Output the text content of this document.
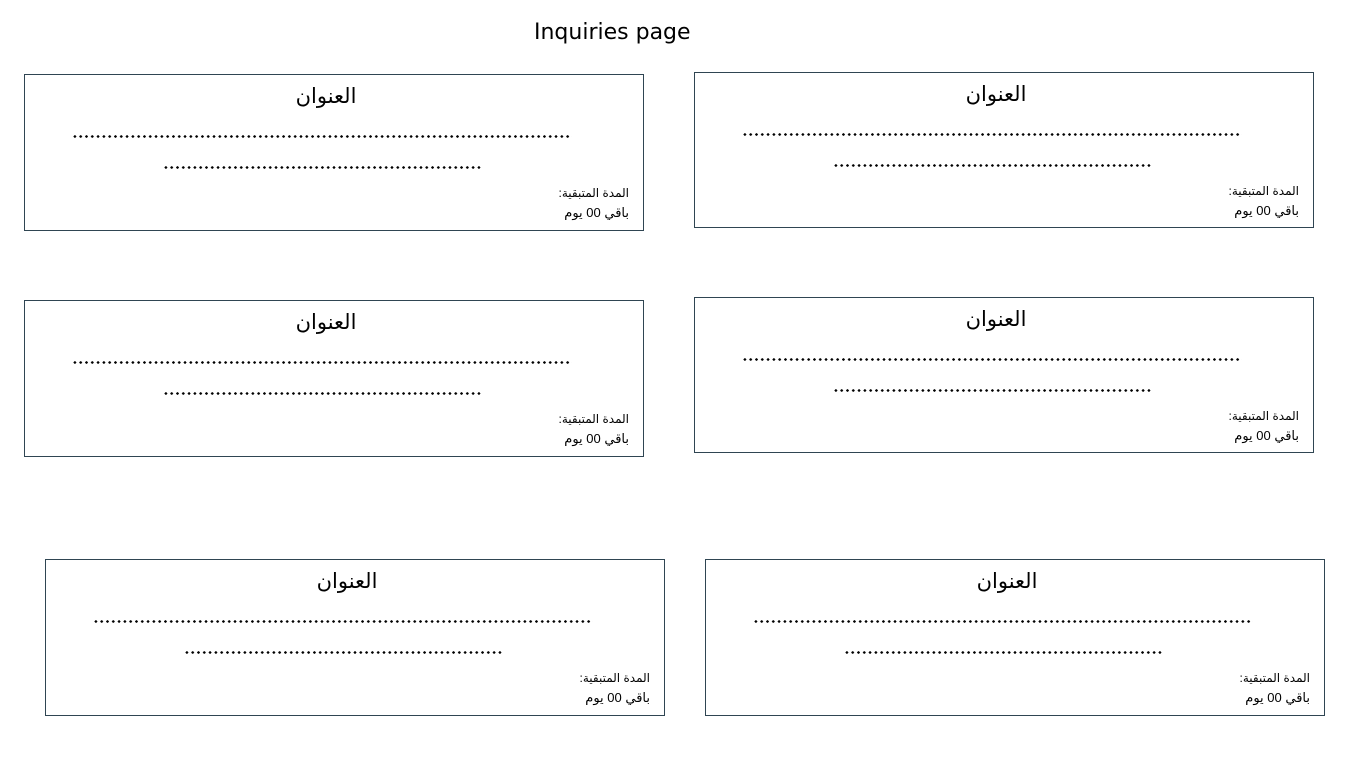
Inquiries page
العنوان
المدة المتبقية:
باقي 00 يوم
العنوان
المدة المتبقية:
باقي 00 يوم
العنوان
المدة المتبقية:
باقي 00 يوم
العنوان
المدة المتبقية:
باقي 00 يوم
العنوان
المدة المتبقية:
باقي 00 يوم
العنوان
المدة المتبقية:
باقي 00 يوم
